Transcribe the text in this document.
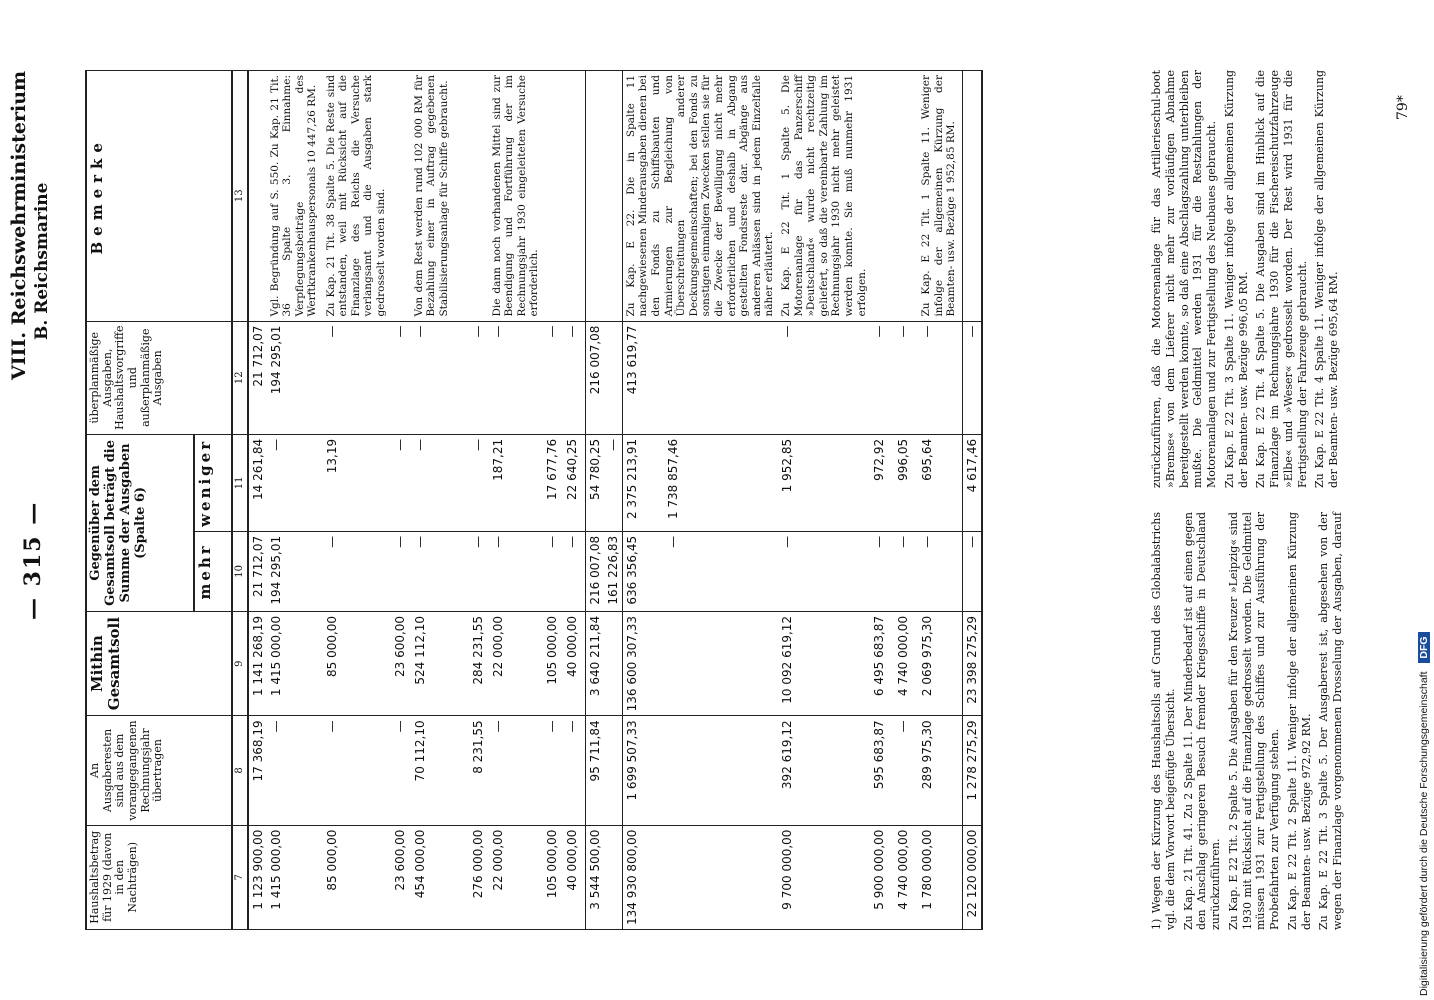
— 315 —
VIII. Reichswehrministerium B. Reichsmarine
Haushaltsbetrag für 1929 (davon in den Nachträgen)	An Ausgaberesten sind aus dem vorangegangenen Rechnungsjahr übertragen	Mithin Gesamtsoll	Gegenüber dem Gesamtsoll beträgt die Summe der Ausgaben (Spalte 6)		überplanmäßige Ausgaben, Haushaltsvorgriffe und außerplanmäßige Ausgaben	Bemerke
			mehr	weniger		
7	8	9	10	11	12	13
1 123 900,00	17 368,19	1 141 268,19	21 712,07	14 261,84	21 712,07	
1 415 000,00	—	1 415 000,00	194 295,01	—	194 295,01	Vgl. Begründung auf S. 550. Zu Kap. 21 Tit. 36 Spalte 3. Einnahme: Verpflegungsbeiträge des Werftkrankenhauspersonals 10 447,26 RM.
85 000,00	—	85 000,00	—	13,19	—	Zu Kap. 21 Tit. 38 Spalte 5. Die Reste sind entstanden, weil mit Rücksicht auf die Finanzlage des Reichs die Versuche verlangsamt und die Ausgaben stark gedrosselt worden sind.
23 600,00	—	23 600,00	—	—	—	
454 000,00	70 112,10	524 112,10	—	—	—	Von dem Rest werden rund 102 000 RM für Bezahlung einer in Auftrag gegebenen Stabilisierungsanlage für Schiffe gebraucht.
276 000,00	8 231,55	284 231,55	—	—	—	
22 000,00	—	22 000,00	—	187,21	—	Die dann noch vorhandenen Mittel sind zur Beendigung und Fortführung der im Rechnungsjahr 1930 eingeleiteten Versuche erforderlich.
105 000,00	—	105 000,00	—	17 677,76	—	
40 000,00	—	40 000,00	—	22 640,25	—	
3 544 500,00	95 711,84	3 640 211,84	216 007,08	54 780,25	216 007,08	
			161 226,83	—		
134 930 800,00	1 699 507,33	136 600 307,33	636 356,45	2 375 213,91	413 619,77	Zu Kap. E 22. Die in Spalte 11 nachgewiesenen Minderausgaben dienen bei den Fonds zu Schiffsbauten und Armierungen zur Begleichung von Überschreitungen anderer Deckungsgemeinschaften; bei den Fonds zu sonstigen einmaligen Zwecken stellen sie für die Zwecke der Bewilligung nicht mehr erforderlichen und deshalb in Abgang gestellten Fondsreste dar. Abgänge aus anderen Anlässen sind in jedem Einzelfalle näher erläutert.
			—	1 738 857,46		
9 700 000,00	392 619,12	10 092 619,12	—	1 952,85	—	Zu Kap. E 22 Tit. 1 Spalte 5. Die Motorenanlage für das Panzerschiff »Deutschland« wurde nicht rechtzeitig geliefert, so daß die vereinbarte Zahlung im Rechnungsjahr 1930 nicht mehr geleistet werden konnte. Sie muß nunmehr 1931 erfolgen.
5 900 000,00	595 683,87	6 495 683,87	—	972,92	—	
4 740 000,00	—	4 740 000,00	—	996,05	—	
1 780 000,00	289 975,30	2 069 975,30	—	695,64	—	Zu Kap. E 22 Tit. 1 Spalte 11. Weniger infolge der allgemeinen Kürzung der Beamten- usw. Bezüge 1 952,85 RM.
22 120 000,00	1 278 275,29	23 398 275,29	—	4 617,46	—	

1) Wegen der Kürzung des Haushaltsolls auf Grund des Globalabstrichs vgl. die dem Vorwort beigefügte Übersicht. Zu Kap. 21 Tit. 41. Zu 2 Spalte 11. Der Minderbedarf ist auf einen gegen den Anschlag geringeren Besuch fremder Kriegsschiffe in Deutschland zurückzuführen. Zu Kap. E 22 Tit. 2 Spalte 5. Die Ausgaben für den Kreuzer »Leipzig« sind 1930 mit Rücksicht auf die Finanzlage gedrosselt worden. Die Geldmittel müssen 1931 zur Fertigstellung des Schiffes und zur Ausführung der Probefahrten zur Verfügung stehen. Zu Kap. E 22 Tit. 2 Spalte 11. Weniger infolge der allgemeinen Kürzung der Beamten- usw. Bezüge 972,92 RM. Zu Kap. E 22 Tit. 3 Spalte 5. Der Ausgaberest ist, abgesehen von der wegen der Finanzlage vorgenommenen Drosselung der Ausgaben, darauf zurückzuführen, daß die Motorenanlage für das Artillerieschul-boot »Bremse« von dem Lieferer nicht mehr zur vorläufigen Abnahme bereitgestellt werden konnte, so daß eine Abschlagszahlung unterbleiben mußte. Die Geldmittel werden 1931 für die Restzahlungen der Motorenanlagen und zur Fertigstellung des Neubaues gebraucht. Zu Kap. E 22 Tit. 3 Spalte 11. Weniger infolge der allgemeinen Kürzung der Beamten- usw. Bezüge 996,05 RM. Zu Kap. E 22 Tit. 4 Spalte 5. Die Ausgaben sind im Hinblick auf die Finanzlage im Rechnungsjahre 1930 für die Fischereischutzfahrzeuge »Elbe« und »Weser« gedrosselt worden. Der Rest wird 1931 für die Fertigstellung der Fahrzeuge gebraucht. Zu Kap. E 22 Tit. 4 Spalte 11. Weniger infolge der allgemeinen Kürzung der Beamten- usw. Bezüge 695,64 RM.

79*
Digitalisierung gefördert durch die Deutsche Forschungsgemeinschaft DFG
